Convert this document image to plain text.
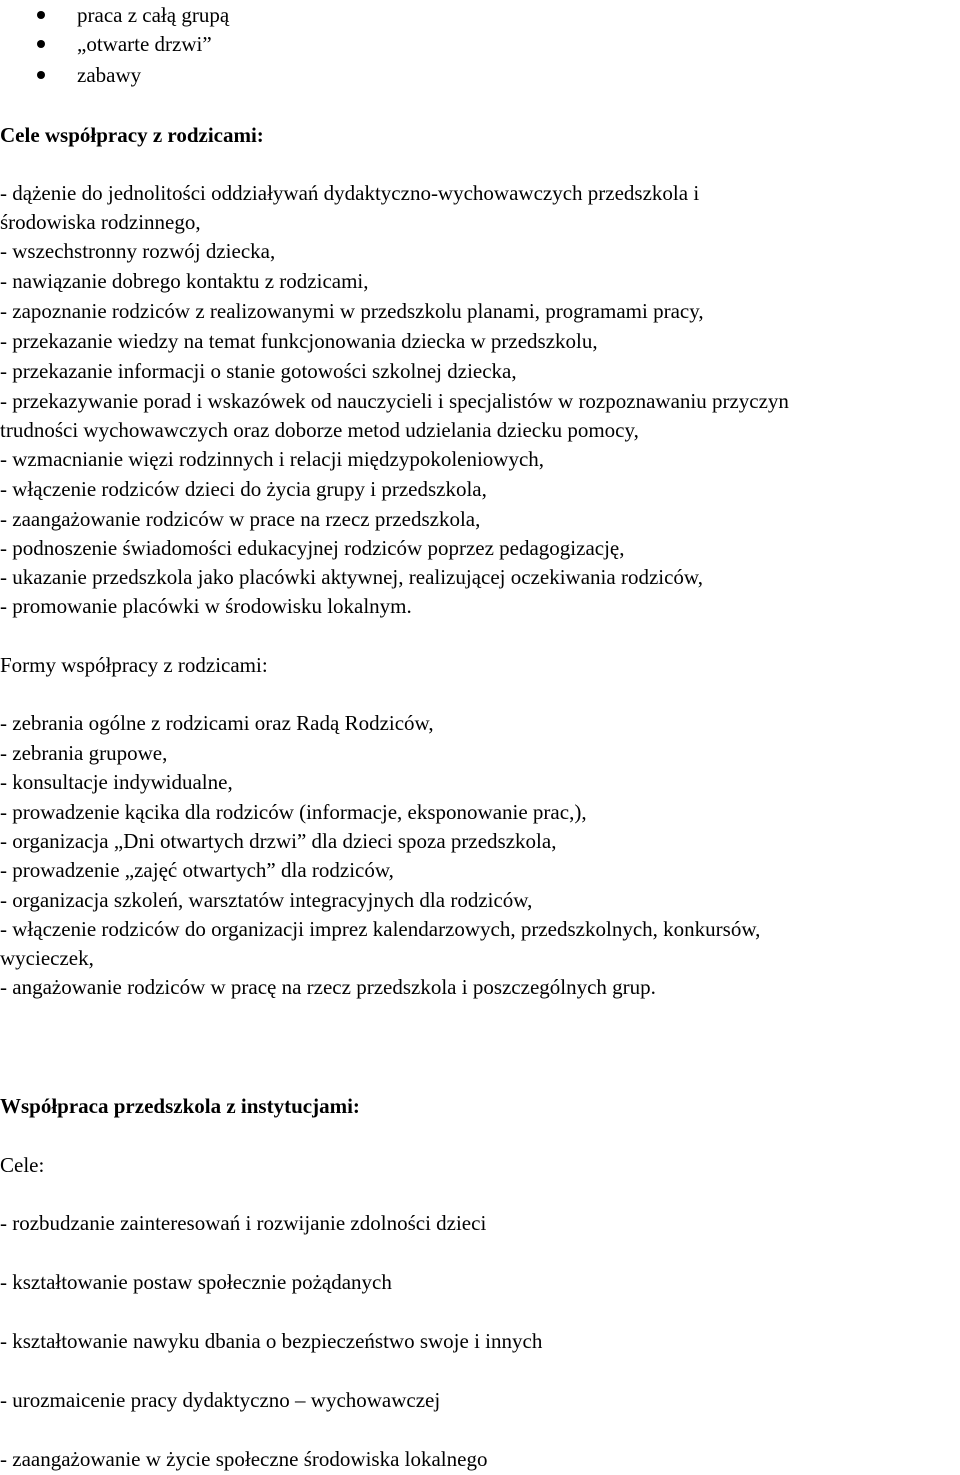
praca z całą grupą
„otwarte drzwi”
zabawy
Cele współpracy z rodzicami:
- dążenie do jednolitości oddziaływań dydaktyczno-wychowawczych przedszkola i
środowiska rodzinnego,
- wszechstronny rozwój dziecka,
- nawiązanie dobrego kontaktu z rodzicami,
- zapoznanie rodziców z realizowanymi w przedszkolu planami, programami pracy,
- przekazanie wiedzy na temat funkcjonowania dziecka w przedszkolu,
- przekazanie informacji o stanie gotowości szkolnej dziecka,
- przekazywanie porad i wskazówek od nauczycieli i specjalistów w rozpoznawaniu przyczyn
trudności wychowawczych oraz doborze metod udzielania dziecku pomocy,
- wzmacnianie więzi rodzinnych i relacji międzypokoleniowych,
- włączenie rodziców dzieci do życia grupy i przedszkola,
- zaangażowanie rodziców w prace na rzecz przedszkola,
- podnoszenie świadomości edukacyjnej rodziców poprzez pedagogizację,
- ukazanie przedszkola jako placówki aktywnej, realizującej oczekiwania rodziców,
- promowanie placówki w środowisku lokalnym.
Formy współpracy z rodzicami:
- zebrania ogólne z rodzicami oraz Radą Rodziców,
- zebrania grupowe,
- konsultacje indywidualne,
- prowadzenie kącika dla rodziców (informacje, eksponowanie prac,),
- organizacja „Dni otwartych drzwi” dla dzieci spoza przedszkola,
- prowadzenie „zajęć otwartych” dla rodziców,
- organizacja szkoleń, warsztatów integracyjnych dla rodziców,
- włączenie rodziców do organizacji imprez kalendarzowych, przedszkolnych, konkursów,
wycieczek,
- angażowanie rodziców w pracę na rzecz przedszkola i poszczególnych grup.
Współpraca przedszkola z instytucjami:
Cele:
- rozbudzanie zainteresowań i rozwijanie zdolności dzieci
- kształtowanie postaw społecznie pożądanych
- kształtowanie nawyku dbania o bezpieczeństwo swoje i innych
- urozmaicenie pracy dydaktyczno – wychowawczej
- zaangażowanie w życie społeczne środowiska lokalnego
